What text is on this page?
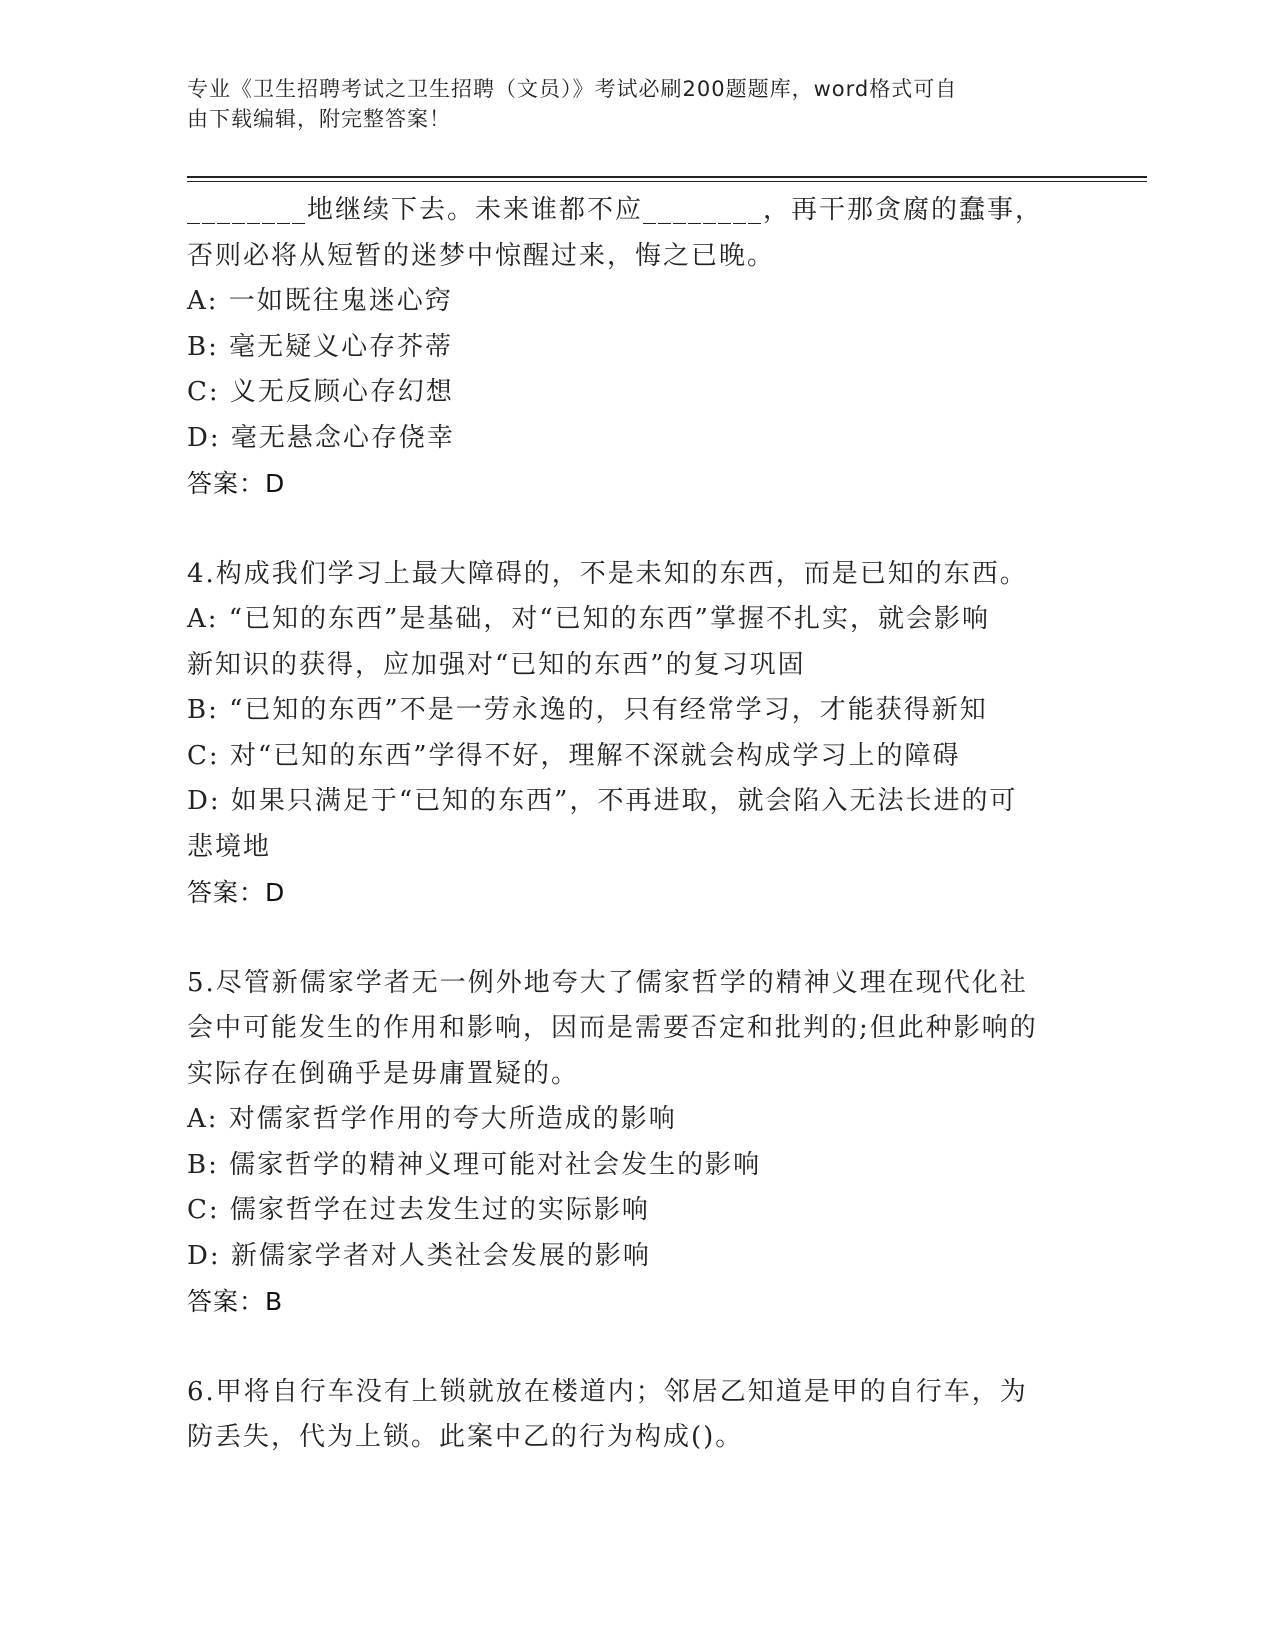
专业《卫生招聘考试之卫生招聘（文员）》考试必刷200题题库，word格式可自
由下载编辑，附完整答案！
________地继续下去。未来谁都不应________，再干那贪腐的蠢事，
否则必将从短暂的迷梦中惊醒过来，悔之已晚。
A: 一如既往鬼迷心窍
B: 毫无疑义心存芥蒂
C: 义无反顾心存幻想
D: 毫无悬念心存侥幸
答案：D
4.构成我们学习上最大障碍的，不是未知的东西，而是已知的东西。
A: “已知的东西”是基础，对“已知的东西”掌握不扎实，就会影响
新知识的获得，应加强对“已知的东西”的复习巩固
B: “已知的东西”不是一劳永逸的，只有经常学习，才能获得新知
C: 对“已知的东西”学得不好，理解不深就会构成学习上的障碍
D: 如果只满足于“已知的东西”，不再进取，就会陷入无法长进的可
悲境地
答案：D
5.尽管新儒家学者无一例外地夸大了儒家哲学的精神义理在现代化社
会中可能发生的作用和影响，因而是需要否定和批判的;但此种影响的
实际存在倒确乎是毋庸置疑的。
A: 对儒家哲学作用的夸大所造成的影响
B: 儒家哲学的精神义理可能对社会发生的影响
C: 儒家哲学在过去发生过的实际影响
D: 新儒家学者对人类社会发展的影响
答案：B
6.甲将自行车没有上锁就放在楼道内；邻居乙知道是甲的自行车，为
防丢失，代为上锁。此案中乙的行为构成()。
